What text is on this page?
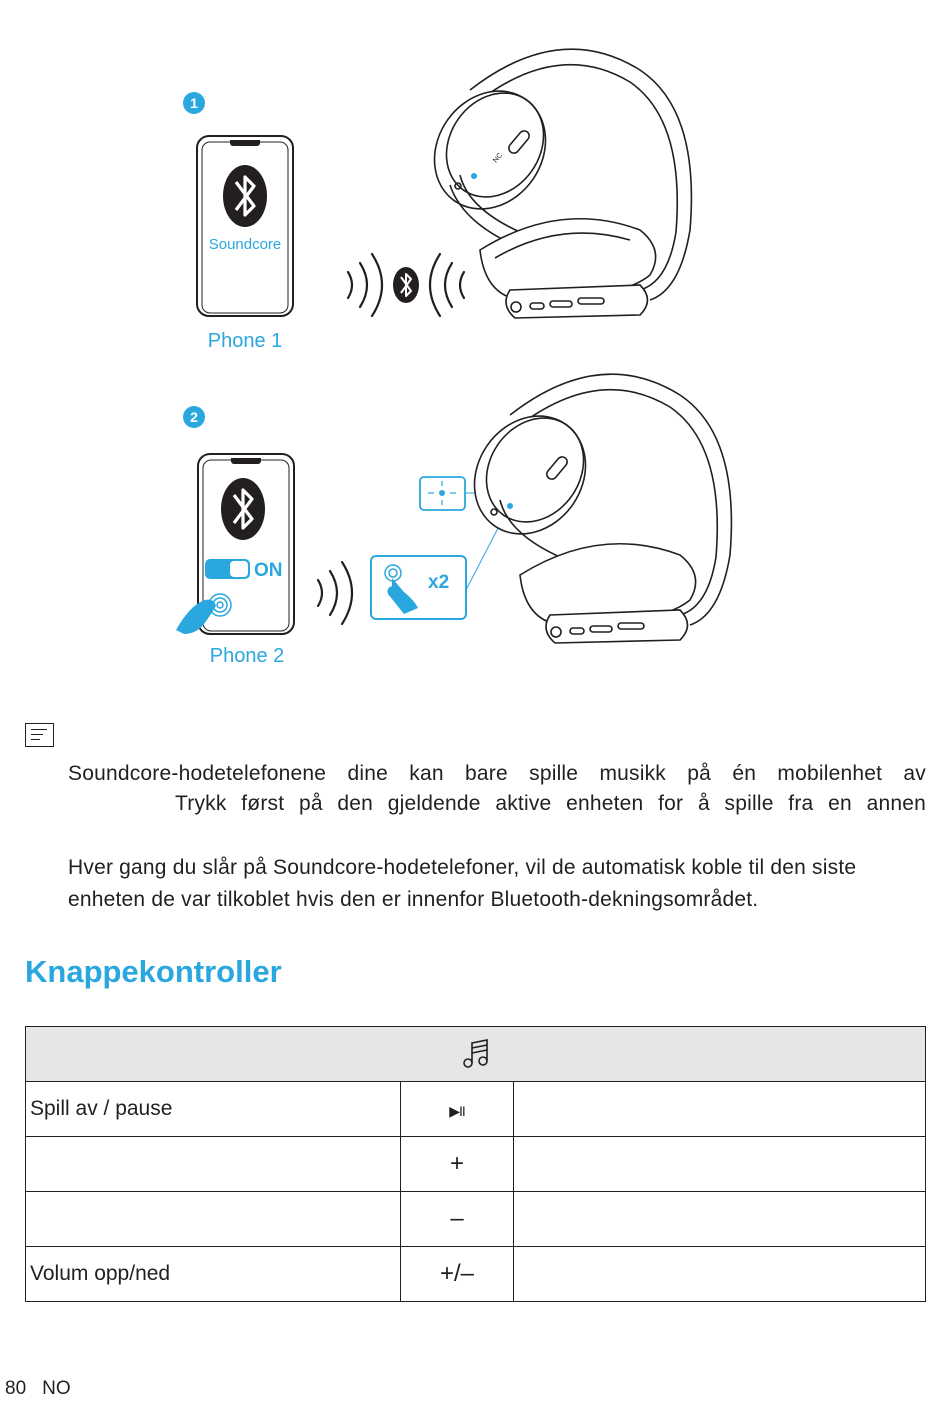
1
Soundcore
Phone 1
2
ON
Phone 2
x2
NC

Soundcore-hodetelefonene dine kan bare spille musikk på én mobilenhet av

Trykk først på den gjeldende aktive enheten for å spille fra en annen

Hver gang du slår på Soundcore-hodetelefoner, vil de automatisk koble til den siste enheten de var tilkoblet hvis den er innenfor Bluetooth-dekningsområdet.

Knappekontroller

Spill av / pause	▶II	
	+	
	–	
Volum opp/ned	+/–	
80 NO
